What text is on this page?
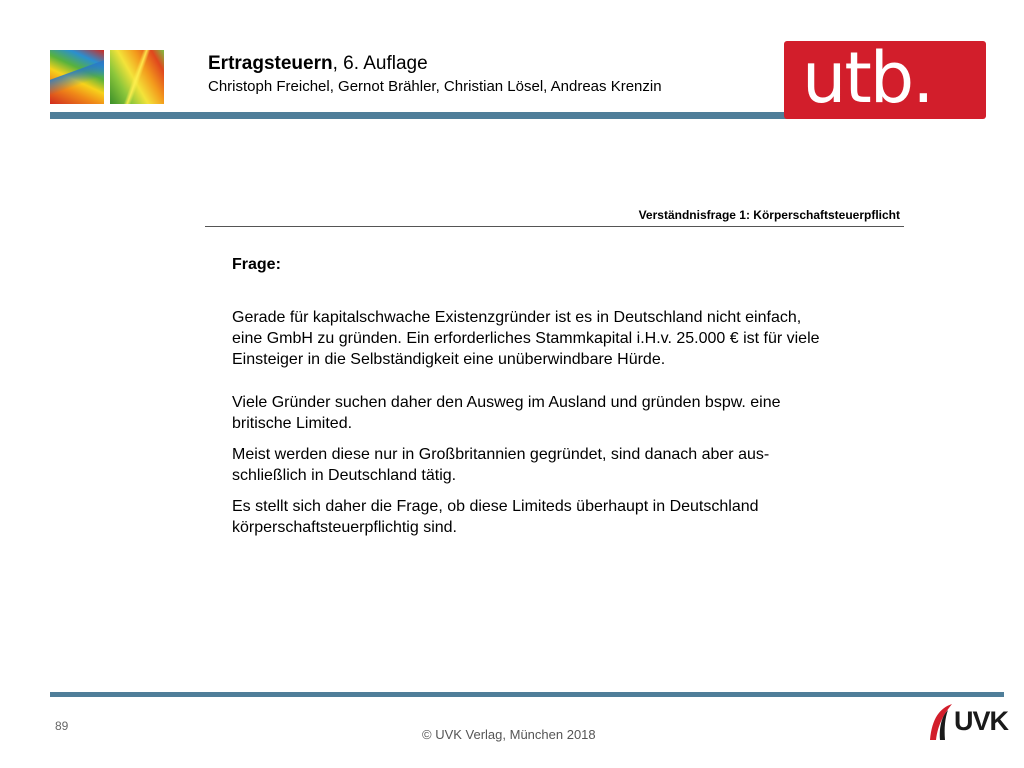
Ertragsteuern, 6. Auflage
Christoph Freichel, Gernot Brähler, Christian Lösel, Andreas Krenzin utb.
Verständnisfrage 1: Körperschaftsteuerpflicht
Frage:

Gerade für kapitalschwache Existenzgründer ist es in Deutschland nicht einfach,
eine GmbH zu gründen. Ein erforderliches Stammkapital i.H.v. 25.000 € ist für viele
Einsteiger in die Selbständigkeit eine unüberwindbare Hürde.

Viele Gründer suchen daher den Ausweg im Ausland und gründen bspw. eine
britische Limited.

Meist werden diese nur in Großbritannien gegründet, sind danach aber aus-
schließlich in Deutschland tätig.

Es stellt sich daher die Frage, ob diese Limiteds überhaupt in Deutschland
körperschaftsteuerpflichtig sind.

89
© UVK Verlag, München 2018	UVK
